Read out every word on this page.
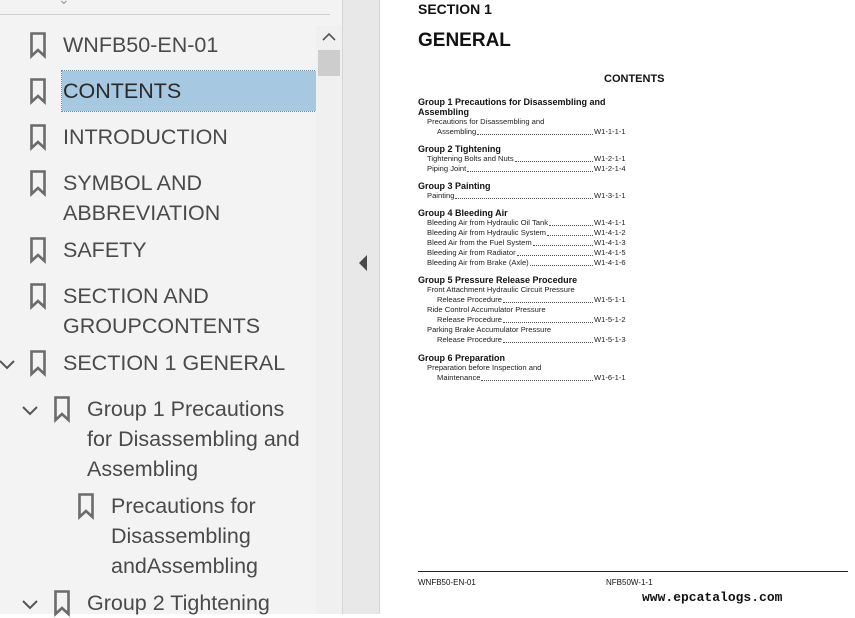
WNFB50-EN-01
CONTENTS
INTRODUCTION
SYMBOL AND
ABBREVIATION
SAFETY
SECTION AND
GROUPCONTENTS
SECTION 1 GENERAL
Group 1 Precautions
for Disassembling and
Assembling
Precautions for
Disassembling
andAssembling
Group 2 Tightening
SECTION 1
GENERAL
CONTENTS
Group 1 Precautions for Disassembling and
Assembling
Precautions for Disassembling and
Assembling	W1-1-1-1
Group 2 Tightening
Tightening Bolts and Nuts	W1-2-1-1
Piping Joint	W1-2-1-4
Group 3 Painting
Painting	W1-3-1-1
Group 4 Bleeding Air
Bleeding Air from Hydraulic Oil Tank	W1-4-1-1
Bleeding Air from Hydraulic System	W1-4-1-2
Bleed Air from the Fuel System	W1-4-1-3
Bleeding Air from Radiator	W1-4-1-5
Bleeding Air from Brake (Axle)	W1-4-1-6
Group 5 Pressure Release Procedure
Front Attachment Hydraulic Circuit Pressure
Release Procedure	W1-5-1-1
Ride Control Accumulator Pressure
Release Procedure	W1-5-1-2
Parking Brake Accumulator Pressure
Release Procedure	W1-5-1-3
Group 6 Preparation
Preparation before Inspection and
Maintenance	W1-6-1-1
WNFB50-EN-01	NFB50W-1-1
www.epcatalogs.com
